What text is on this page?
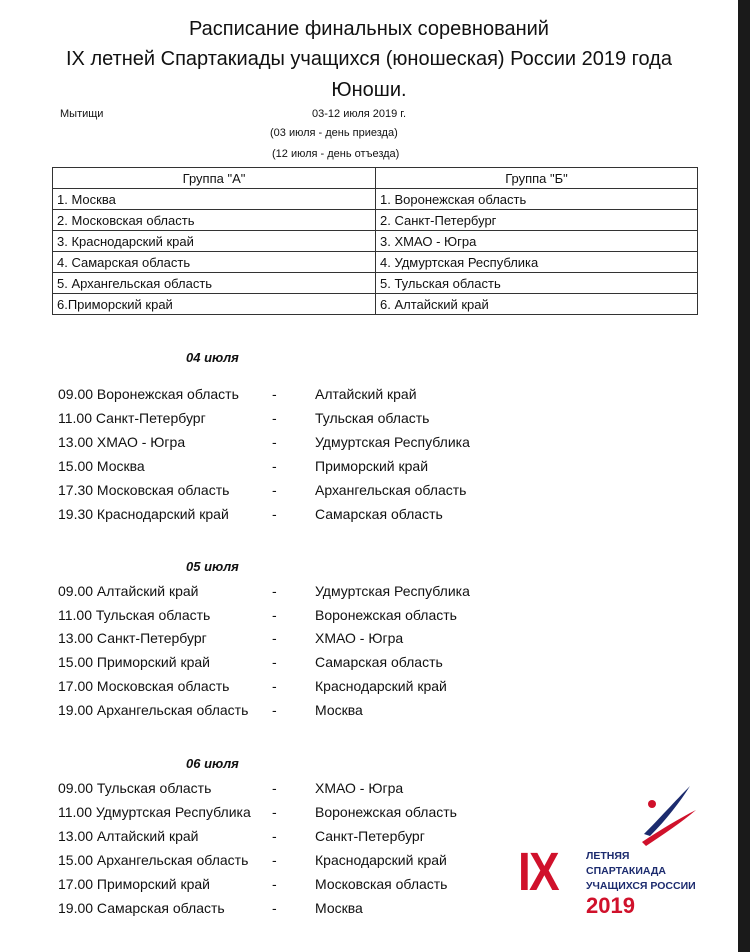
Расписание финальных соревнований
IX летней Спартакиады учащихся (юношеская) России 2019 года
Юноши.
Мытищи	03-12 июля 2019 г.
(03 июля - день приезда)
(12 июля - день отъезда)
Группа "А"	Группа "Б"
1. Москва	1. Воронежская область
2. Московская область	2. Санкт-Петербург
3. Краснодарский край	3. ХМАО - Югра
4. Самарская область	4. Удмуртская Республика
5. Архангельская область	5. Тульская область
6.Приморский край	6. Алтайский край
04 июля
09.00 Воронежская область -	Алтайский край
11.00 Санкт-Петербург	-	Тульская область
13.00 ХМАО - Югра	-	Удмуртская Республика
15.00 Москва	-	Приморский край
17.30 Московская область	-	Архангельская область
19.30 Краснодарский край	-	Самарская область
05 июля
09.00 Алтайский край	-	Удмуртская Республика
11.00 Тульская область	-	Воронежская область
13.00 Санкт-Петербург	-	ХМАО - Югра
15.00 Приморский край	-	Самарская область
17.00 Московская область	-	Краснодарский край
19.00 Архангельская область -	Москва
06 июля
09.00 Тульская область	-	ХМАО - Югра
11.00 Удмуртская Республика -	Воронежская область
13.00 Алтайский край	-	Санкт-Петербург
15.00 Архангельская область -	Краснодарский край
17.00 Приморский край	-	Московская область
19.00 Самарская область	-	Москва
IX	ЛЕТНЯЯ
СПАРТАКИАДА
УЧАЩИХСЯ РОССИИ
2019
